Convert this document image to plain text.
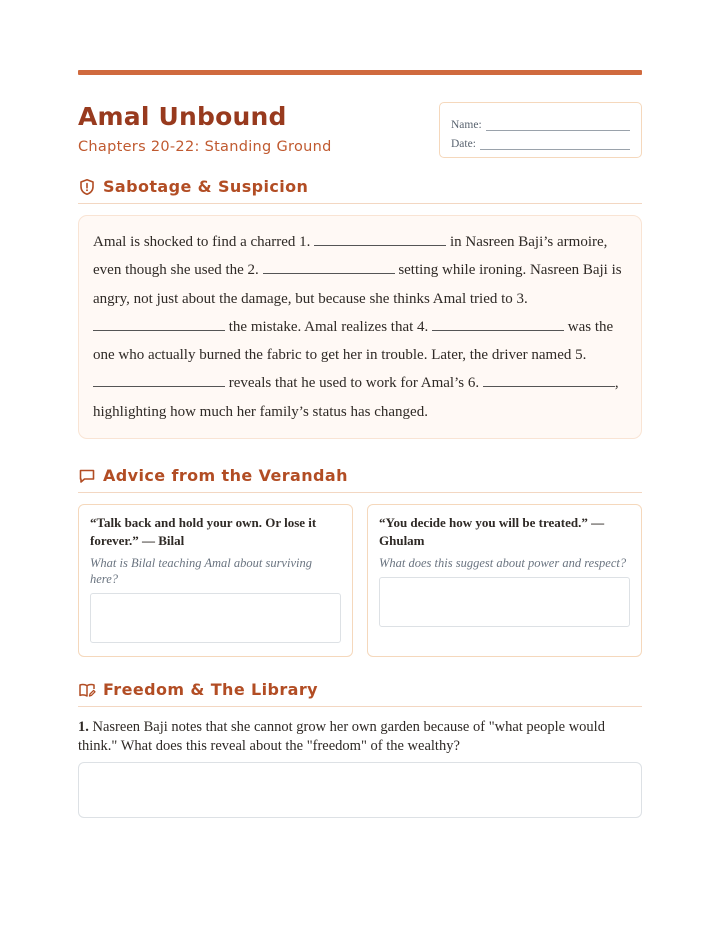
Amal Unbound
Chapters 20-22: Standing Ground
Name:
Date:
Sabotage & Suspicion
Amal is shocked to find a charred 1.	in Nasreen Baji’s armoire, even though she used the 2.	setting while ironing. Nasreen Baji is angry, not just about the damage, but because she thinks Amal tried to 3.  the mistake. Amal realizes that 4.	was the one who actually burned the fabric to get her in trouble. Later, the driver named 5.  reveals that he used to work for Amal’s 6.	, highlighting how much her family’s status has changed.
Advice from the Verandah
“Talk back and hold your own. Or lose it forever.” — Bilal
What is Bilal teaching Amal about surviving here?
“You decide how you will be treated.” — Ghulam
What does this suggest about power and respect?
Freedom & The Library
1. Nasreen Baji notes that she cannot grow her own garden because of "what people would think." What does this reveal about the "freedom" of the wealthy?
